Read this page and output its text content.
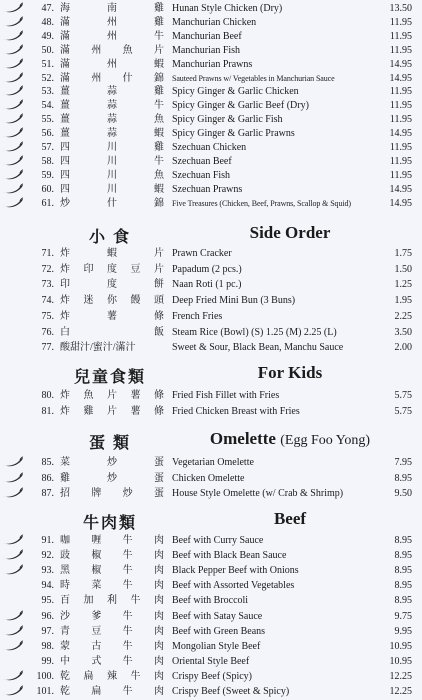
47. 海	南	雞 Hunan Style Chicken (Dry)	13.50
48. 滿	州	雞 Manchurian Chicken	11.95
49. 滿	州	牛 Manchurian Beef	11.95
50. 滿 州 魚 片 Manchurian Fish	11.95
51. 滿	州	蝦 Manchurian Prawns	14.95
52. 滿 州 什 錦 Sauteed Prawns w/ Vegetables in Manchurian Sauce	14.95
53. 薑	蒜	雞 Spicy Ginger & Garlic Chicken	11.95
54. 薑	蒜	牛 Spicy Ginger & Garlic Beef (Dry)	11.95
55. 薑	蒜	魚 Spicy Ginger & Garlic Fish	11.95
56. 薑	蒜	蝦 Spicy Ginger & Garlic Prawns	14.95
57. 四	川	雞 Szechuan Chicken	11.95
58. 四	川	牛 Szechuan Beef	11.95
59. 四	川	魚 Szechuan Fish	11.95
60. 四	川	蝦 Szechuan Prawns	14.95
61. 炒	什	錦 Five Treasures (Chicken, Beef, Prawns, Scallop & Squid)	14.95
小 食	Side Order
71. 炸	蝦	片 Prawn Cracker	1.75
72. 炸 印 度 豆 片 Papadum (2 pcs.)	1.50
73. 印	度	餅 Naan Roti (1 pc.)	1.25
74. 炸 迷 你 饅 頭 Deep Fried Mini Bun (3 Buns)	1.95
75. 炸	薯	條 French Fries	2.25
76. 白	飯 Steam Rice (Bowl) (S) 1.25 (M) 2.25 (L)	3.50
77. 酸甜汁/蜜汁/滿汁	Sweet & Sour, Black Bean, Manchu Sauce	2.00
兒童食類	For Kids
80. 炸 魚 片 薯 條 Fried Fish Fillet with Fries	5.75
81. 炸 雞 片 薯 條 Fried Chicken Breast with Fries	5.75
蛋 類	Omelette (Egg Foo Yong)
85. 菜	炒	蛋 Vegetarian Omelette	7.95
86. 雞	炒	蛋 Chicken Omelette	8.95
87. 招 牌 炒 蛋 House Style Omelette (w/ Crab & Shrimp)	9.50
牛肉類	Beef
91. 咖 喱 牛 肉 Beef with Curry Sauce	8.95
92. 豉 椒 牛 肉 Beef with Black Bean Sauce	8.95
93. 黑 椒 牛 肉 Black Pepper Beef with Onions	8.95
94. 時 菜 牛 肉 Beef with Assorted Vegetables	8.95
95. 百 加 利 牛 肉 Beef with Broccoli	8.95
96. 沙 爹 牛 肉 Beef with Satay Sauce	9.75
97. 青 豆 牛 肉 Beef with Green Beans	9.95
98. 蒙 古 牛 肉 Mongolian Style Beef	10.95
99. 中 式 牛 肉 Oriental Style Beef	10.95
100. 乾 扁 辣 牛 肉 Crispy Beef (Spicy)	12.25
101. 乾 扁 牛 肉 Crispy Beef (Sweet & Spicy)	12.25
